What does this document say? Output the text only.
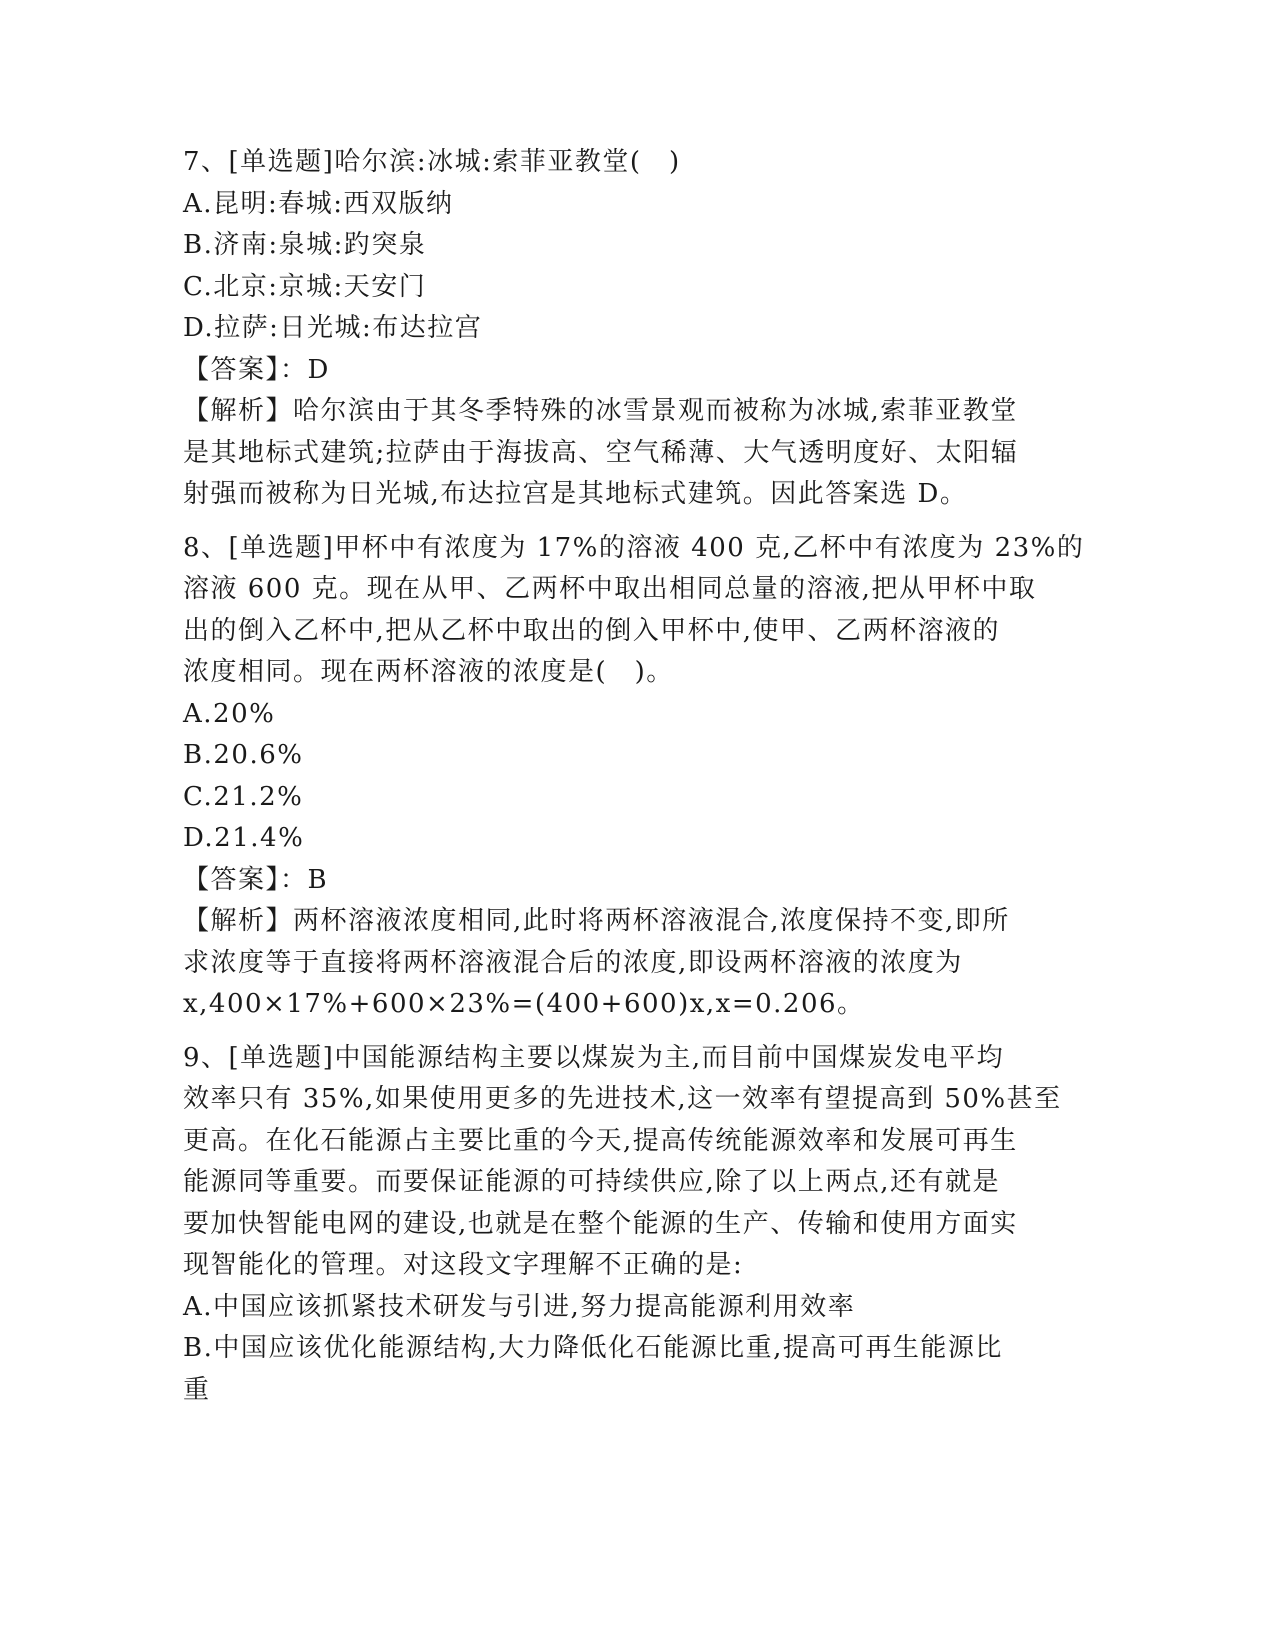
7、[单选题]哈尔滨:冰城:索菲亚教堂(　)

A.昆明:春城:西双版纳

B.济南:泉城:趵突泉

C.北京:京城:天安门

D.拉萨:日光城:布达拉宫

【答案】：D

【解析】哈尔滨由于其冬季特殊的冰雪景观而被称为冰城,索菲亚教堂

是其地标式建筑;拉萨由于海拔高、空气稀薄、大气透明度好、太阳辐

射强而被称为日光城,布达拉宫是其地标式建筑。因此答案选 D。

8、[单选题]甲杯中有浓度为 17%的溶液 400 克,乙杯中有浓度为 23%的

溶液 600 克。现在从甲、乙两杯中取出相同总量的溶液,把从甲杯中取

出的倒入乙杯中,把从乙杯中取出的倒入甲杯中,使甲、乙两杯溶液的

浓度相同。现在两杯溶液的浓度是(　)。

A.20%

B.20.6%

C.21.2%

D.21.4%

【答案】：B

【解析】两杯溶液浓度相同,此时将两杯溶液混合,浓度保持不变,即所

求浓度等于直接将两杯溶液混合后的浓度,即设两杯溶液的浓度为

x,400×17%+600×23%=(400+600)x,x=0.206。

9、[单选题]中国能源结构主要以煤炭为主,而目前中国煤炭发电平均

效率只有 35%,如果使用更多的先进技术,这一效率有望提高到 50%甚至

更高。在化石能源占主要比重的今天,提高传统能源效率和发展可再生

能源同等重要。而要保证能源的可持续供应,除了以上两点,还有就是

要加快智能电网的建设,也就是在整个能源的生产、传输和使用方面实

现智能化的管理。对这段文字理解不正确的是:

A.中国应该抓紧技术研发与引进,努力提高能源利用效率

B.中国应该优化能源结构,大力降低化石能源比重,提高可再生能源比

重
